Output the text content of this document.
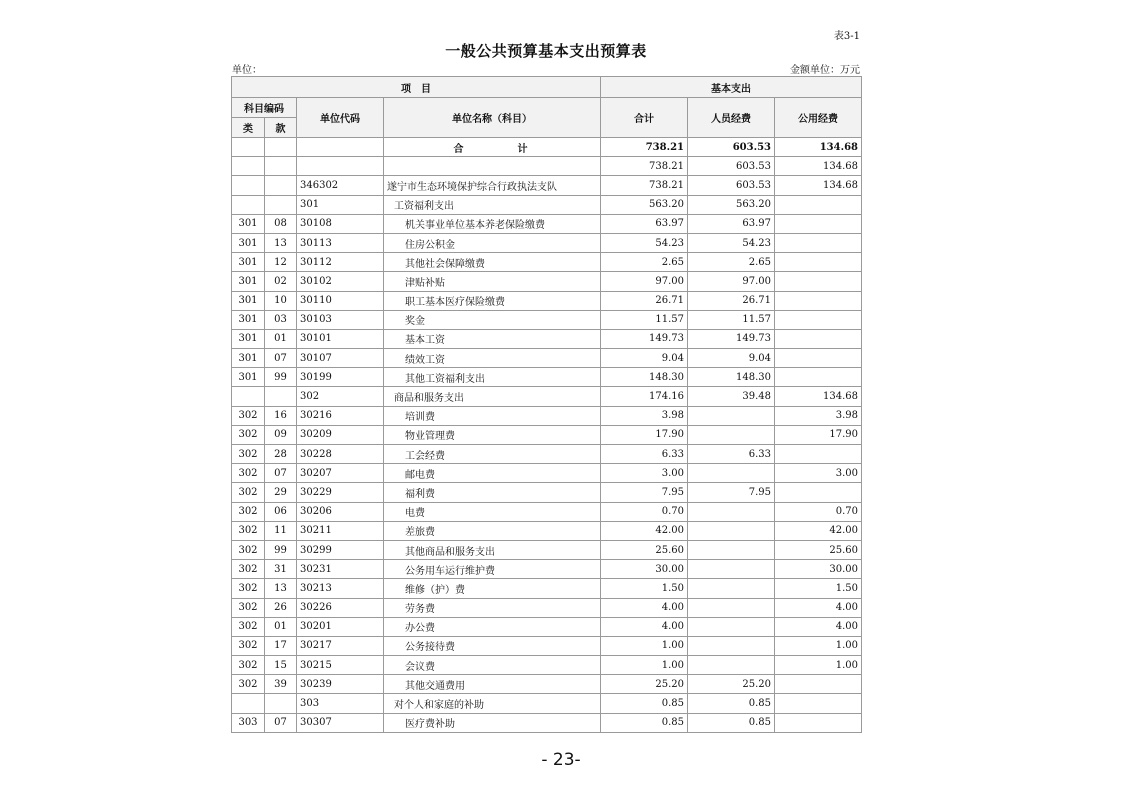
表3-1
一般公共预算基本支出预算表
单位：	金额单位：万元
项　目				基本支出		
科目编码		单位代码	单位名称（科目）	合计	人员经费	公用经费
类	款					
			合　计	738.21	603.53	134.68
				738.21	603.53	134.68
		346302	遂宁市生态环境保护综合行政执法支队	738.21	603.53	134.68
		301	工资福利支出	563.20	563.20	
301	08	30108	机关事业单位基本养老保险缴费	63.97	63.97	
301	13	30113	住房公积金	54.23	54.23	
301	12	30112	其他社会保障缴费	2.65	2.65	
301	02	30102	津贴补贴	97.00	97.00	
301	10	30110	职工基本医疗保险缴费	26.71	26.71	
301	03	30103	奖金	11.57	11.57	
301	01	30101	基本工资	149.73	149.73	
301	07	30107	绩效工资	9.04	9.04	
301	99	30199	其他工资福利支出	148.30	148.30	
		302	商品和服务支出	174.16	39.48	134.68
302	16	30216	培训费	3.98		3.98
302	09	30209	物业管理费	17.90		17.90
302	28	30228	工会经费	6.33	6.33	
302	07	30207	邮电费	3.00		3.00
302	29	30229	福利费	7.95	7.95	
302	06	30206	电费	0.70		0.70
302	11	30211	差旅费	42.00		42.00
302	99	30299	其他商品和服务支出	25.60		25.60
302	31	30231	公务用车运行维护费	30.00		30.00
302	13	30213	维修（护）费	1.50		1.50
302	26	30226	劳务费	4.00		4.00
302	01	30201	办公费	4.00		4.00
302	17	30217	公务接待费	1.00		1.00
302	15	30215	会议费	1.00		1.00
302	39	30239	其他交通费用	25.20	25.20	
		303	对个人和家庭的补助	0.85	0.85	
303	07	30307	医疗费补助	0.85	0.85	
- 23-
